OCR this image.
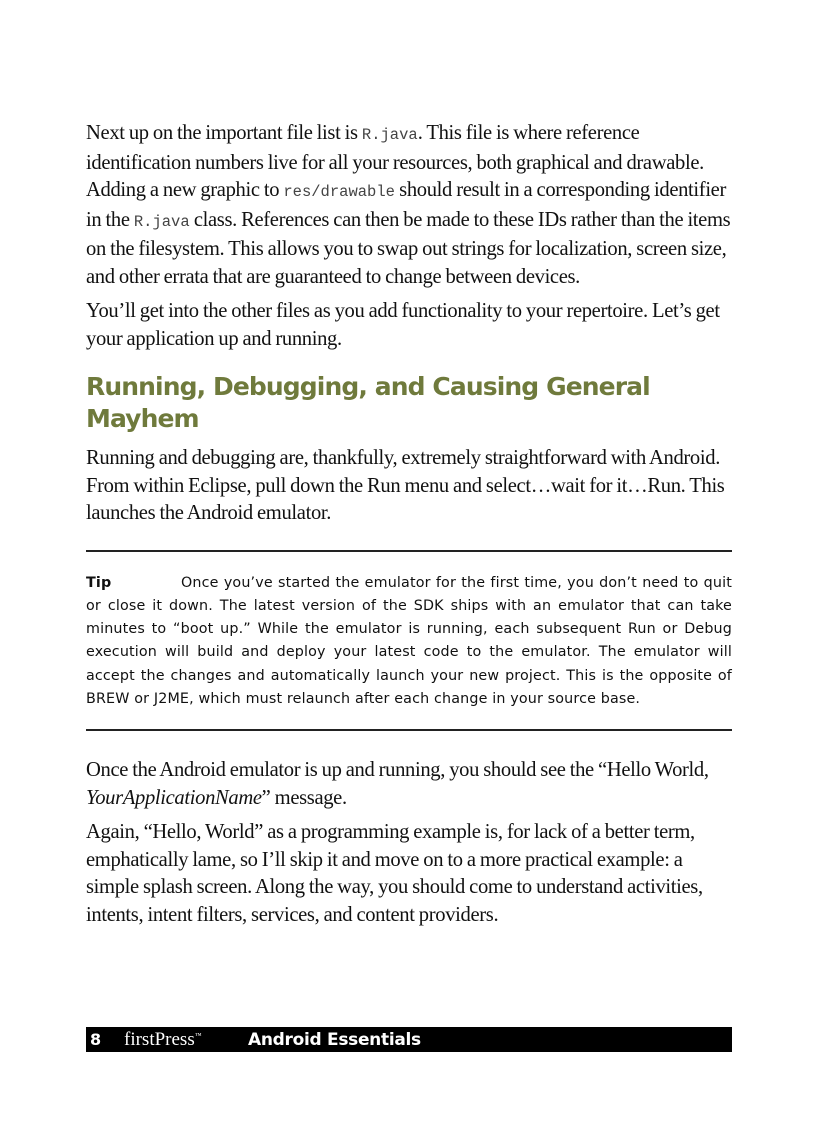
Next up on the important file list is R.java. This file is where reference identification numbers live for all your resources, both graphical and drawable. Adding a new graphic to res/drawable should result in a corresponding identifier in the R.java class. References can then be made to these IDs rather than the items on the filesystem. This allows you to swap out strings for localization, screen size, and other errata that are guaranteed to change between devices.

You’ll get into the other files as you add functionality to your repertoire. Let’s get your application up and running.

Running, Debugging, and Causing General Mayhem

Running and debugging are, thankfully, extremely straightforward with Android. From within Eclipse, pull down the Run menu and select…wait for it…Run. This launches the Android emulator.

Tip	Once you’ve started the emulator for the first time, you don’t need to quit or close it down. The latest version of the SDK ships with an emulator that can take minutes to “boot up.” While the emulator is running, each subsequent Run or Debug execution will build and deploy your latest code to the emulator. The emulator will accept the changes and automatically launch your new project. This is the opposite of BREW or J2ME, which must relaunch after each change in your source base.

Once the Android emulator is up and running, you should see the “Hello World, YourApplicationName” message.

Again, “Hello, World” as a programming example is, for lack of a better term, emphatically lame, so I’ll skip it and move on to a more practical example: a simple splash screen. Along the way, you should come to understand activities, intents, intent filters, services, and content providers.

8	firstPress™	Android Essentials
